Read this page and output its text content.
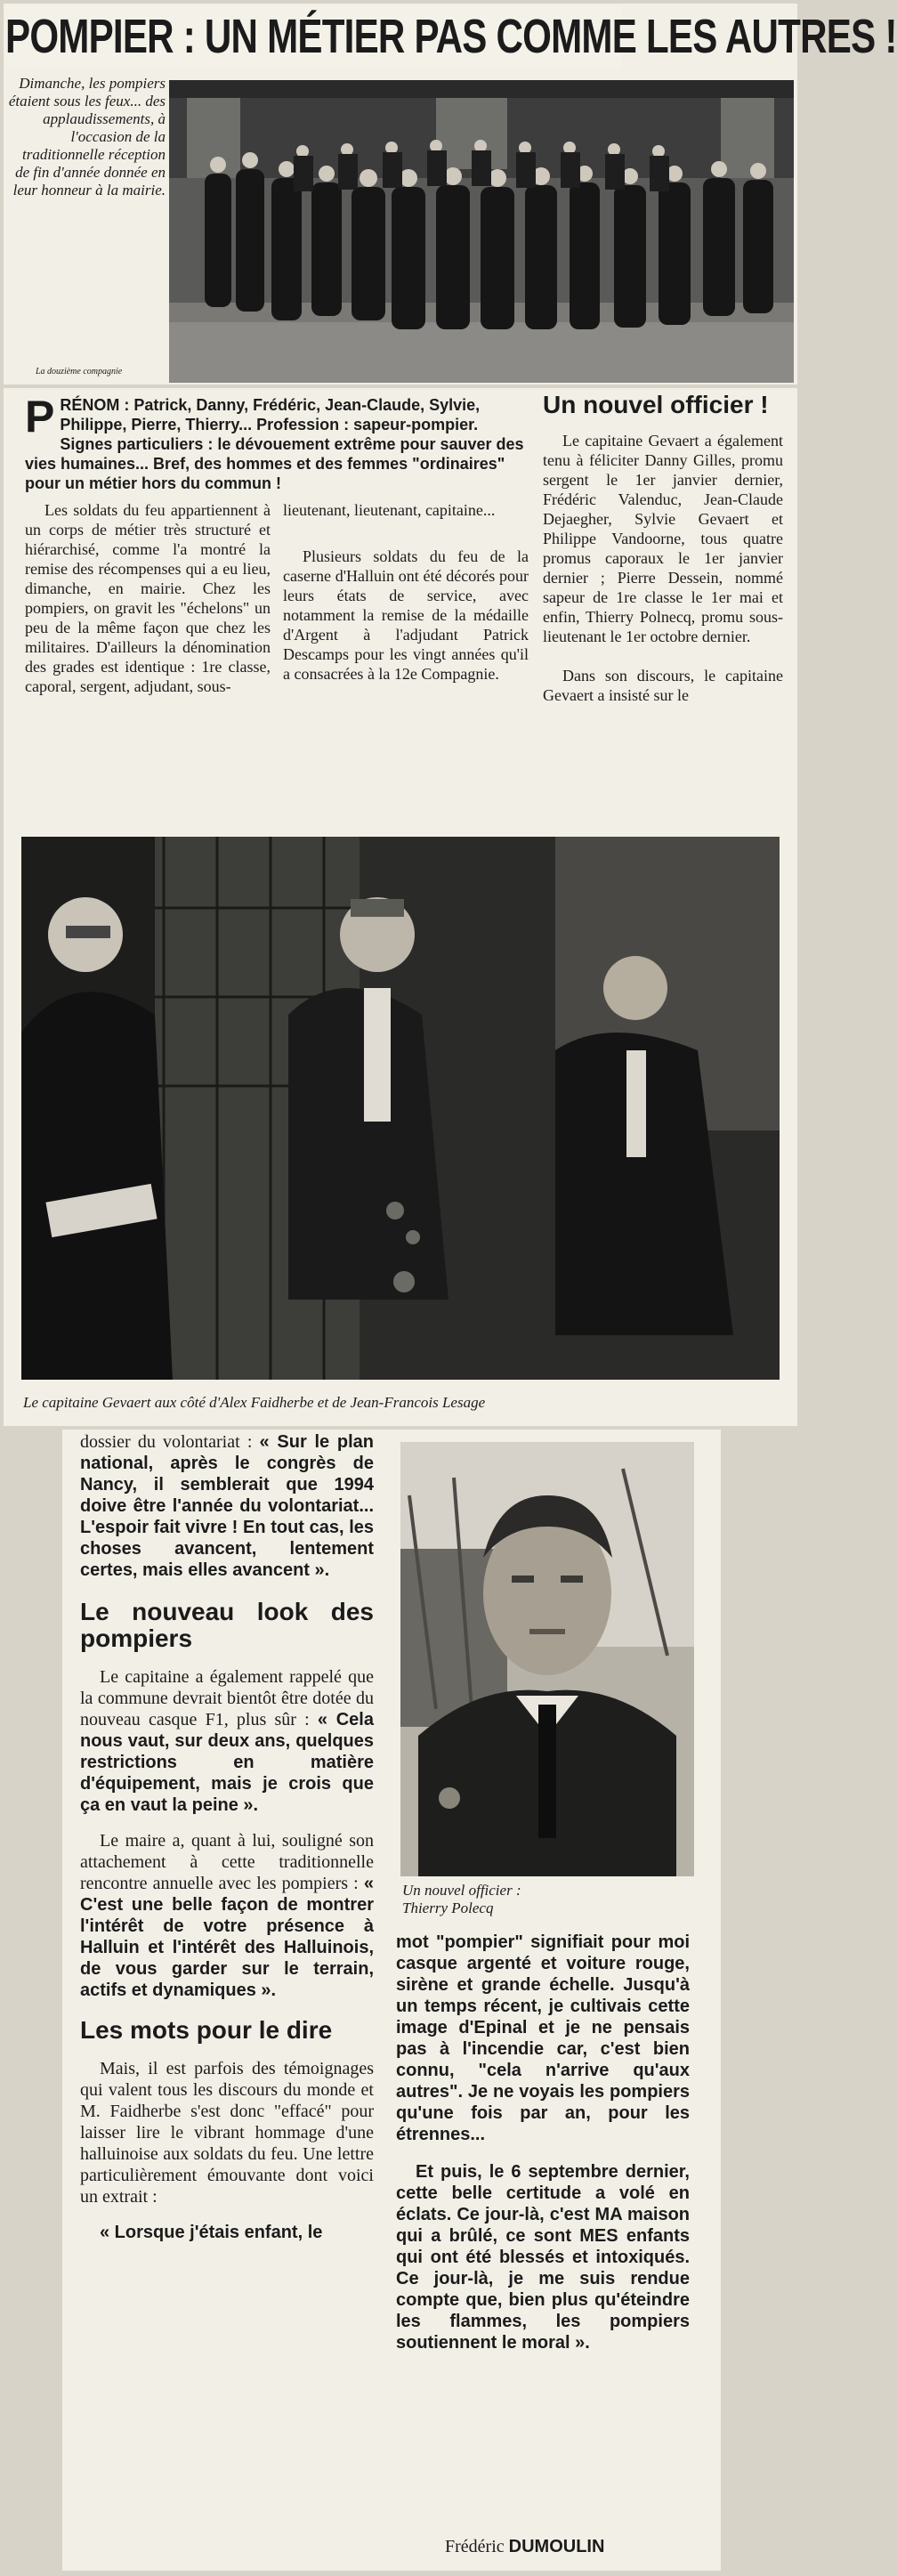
POMPIER : UN MÉTIER PAS COMME LES AUTRES !
Dimanche, les pompiers étaient sous les feux... des applaudissements, à l'occasion de la traditionnelle réception de fin d'année donnée en leur honneur à la mairie.
La douzième compagnie
P RÉNOM : Patrick, Danny, Frédéric, Jean-Claude, Sylvie, Philippe, Pierre, Thierry... Profession : sapeur-pompier. Signes particuliers : le dévouement extrême pour sauver des vies humaines... Bref, des hommes et des femmes "ordinaires" pour un métier hors du commun !

Les soldats du feu appartiennent à un corps de métier très structuré et hiérarchisé, comme l'a montré la remise des récompenses qui a eu lieu, dimanche, en mairie. Chez les pompiers, on gravit les "échelons" un peu de la même façon que chez les militaires. D'ailleurs la dénomination des grades est identique : 1re classe, caporal, sergent, adjudant, sous-

lieutenant, lieutenant, capitaine...

Plusieurs soldats du feu de la caserne d'Halluin ont été décorés pour leurs états de service, avec notamment la remise de la médaille d'Argent à l'adjudant Patrick Descamps pour les vingt années qu'il a consacrées à la 12e Compagnie.

Un nouvel officier !

Le capitaine Gevaert a également tenu à féliciter Danny Gilles, promu sergent le 1er janvier dernier, Frédéric Valenduc, Jean-Claude Dejaegher, Sylvie Gevaert et Philippe Vandoorne, tous quatre promus caporaux le 1er janvier dernier ; Pierre Dessein, nommé sapeur de 1re classe le 1er mai et enfin, Thierry Polnecq, promu sous-lieutenant le 1er octobre dernier.

Dans son discours, le capitaine Gevaert a insisté sur le

Le capitaine Gevaert aux côté d'Alex Faidherbe et de Jean-Francois Lesage

dossier du volontariat : « Sur le plan national, après le congrès de Nancy, il semblerait que 1994 doive être l'année du volontariat... L'espoir fait vivre ! En tout cas, les choses avancent, lentement certes, mais elles avancent ».

Le nouveau look des pompiers

Le capitaine a également rappelé que la commune devrait bientôt être dotée du nouveau casque F1, plus sûr : « Cela nous vaut, sur deux ans, quelques restrictions en matière d'équipement, mais je crois que ça en vaut la peine ».

Le maire a, quant à lui, souligné son attachement à cette traditionnelle rencontre annuelle avec les pompiers : « C'est une belle façon de montrer l'intérêt de votre présence à Halluin et l'intérêt des Halluinois, de vous garder sur le terrain, actifs et dynamiques ».

Les mots pour le dire

Mais, il est parfois des témoignages qui valent tous les discours du monde et M. Faidherbe s'est donc "effacé" pour laisser lire le vibrant hommage d'une halluinoise aux soldats du feu. Une lettre particulièrement émouvante dont voici un extrait :

« Lorsque j'étais enfant, le

Un nouvel officier :
Thierry Polecq

mot "pompier" signifiait pour moi casque argenté et voiture rouge, sirène et grande échelle. Jusqu'à un temps récent, je cultivais cette image d'Epinal et je ne pensais pas à l'incendie car, c'est bien connu, "cela n'arrive qu'aux autres". Je ne voyais les pompiers qu'une fois par an, pour les étrennes...

Et puis, le 6 septembre dernier, cette belle certitude a volé en éclats. Ce jour-là, c'est MA maison qui a brûlé, ce sont MES enfants qui ont été blessés et intoxiqués. Ce jour-là, je me suis rendue compte que, bien plus qu'éteindre les flammes, les pompiers soutiennent le moral ».

Frédéric DUMOULIN
